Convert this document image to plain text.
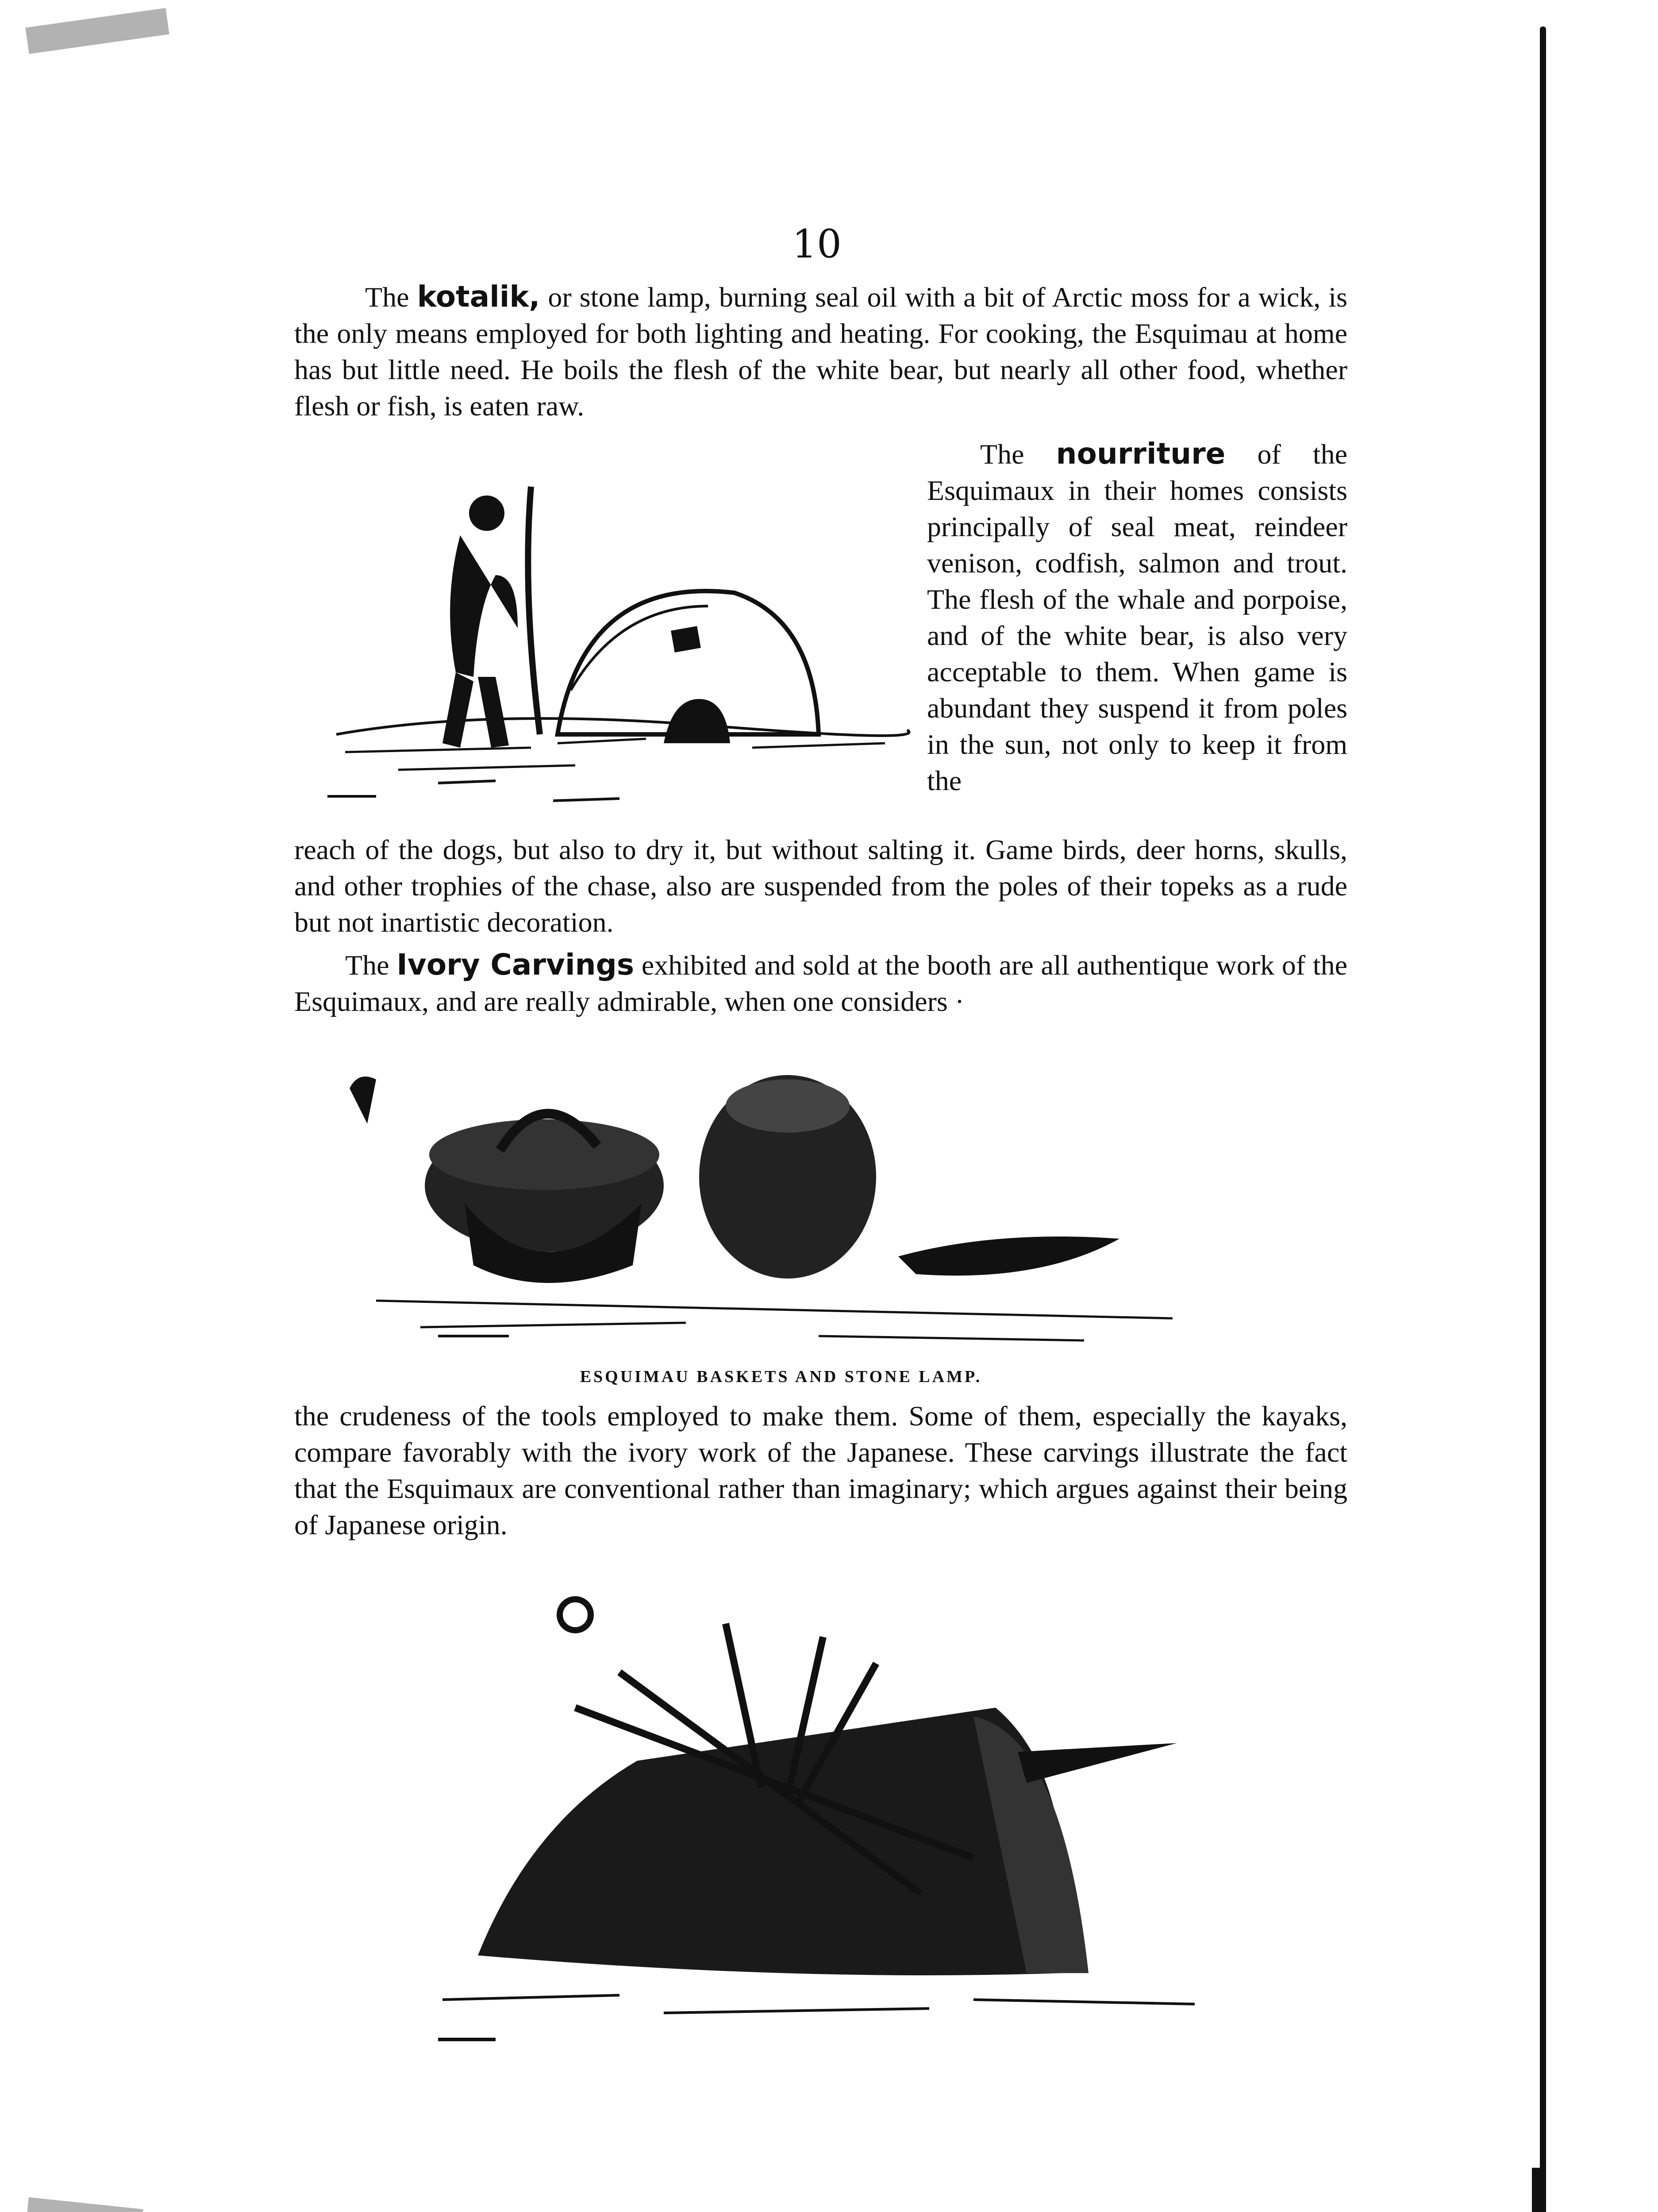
10

The kotalik, or stone lamp, burning seal oil with a bit of Arctic moss for a wick, is the only means employed for both lighting and heating. For cooking, the Esquimau at home has but little need. He boils the flesh of the white bear, but nearly all other food, whether flesh or fish, is eaten raw.

The nourriture of the Esquimaux in their homes consists principally of seal meat, reindeer venison, codfish, salmon and trout. The flesh of the whale and porpoise, and of the white bear, is also very acceptable to them. When game is abundant they suspend it from poles in the sun, not only to keep it from the

reach of the dogs, but also to dry it, but without salting it. Game birds, deer horns, skulls, and other trophies of the chase, also are suspended from the poles of their topeks as a rude but not inartistic decoration.

The Ivory Carvings exhibited and sold at the booth are all authentique work of the Esquimaux, and are really admirable, when one considers ·

ESQUIMAU BASKETS AND STONE LAMP.

the crudeness of the tools employed to make them. Some of them, especially the kayaks, compare favorably with the ivory work of the Japanese. These carvings illustrate the fact that the Esquimaux are conventional rather than imaginary; which argues against their being of Japanese origin.
